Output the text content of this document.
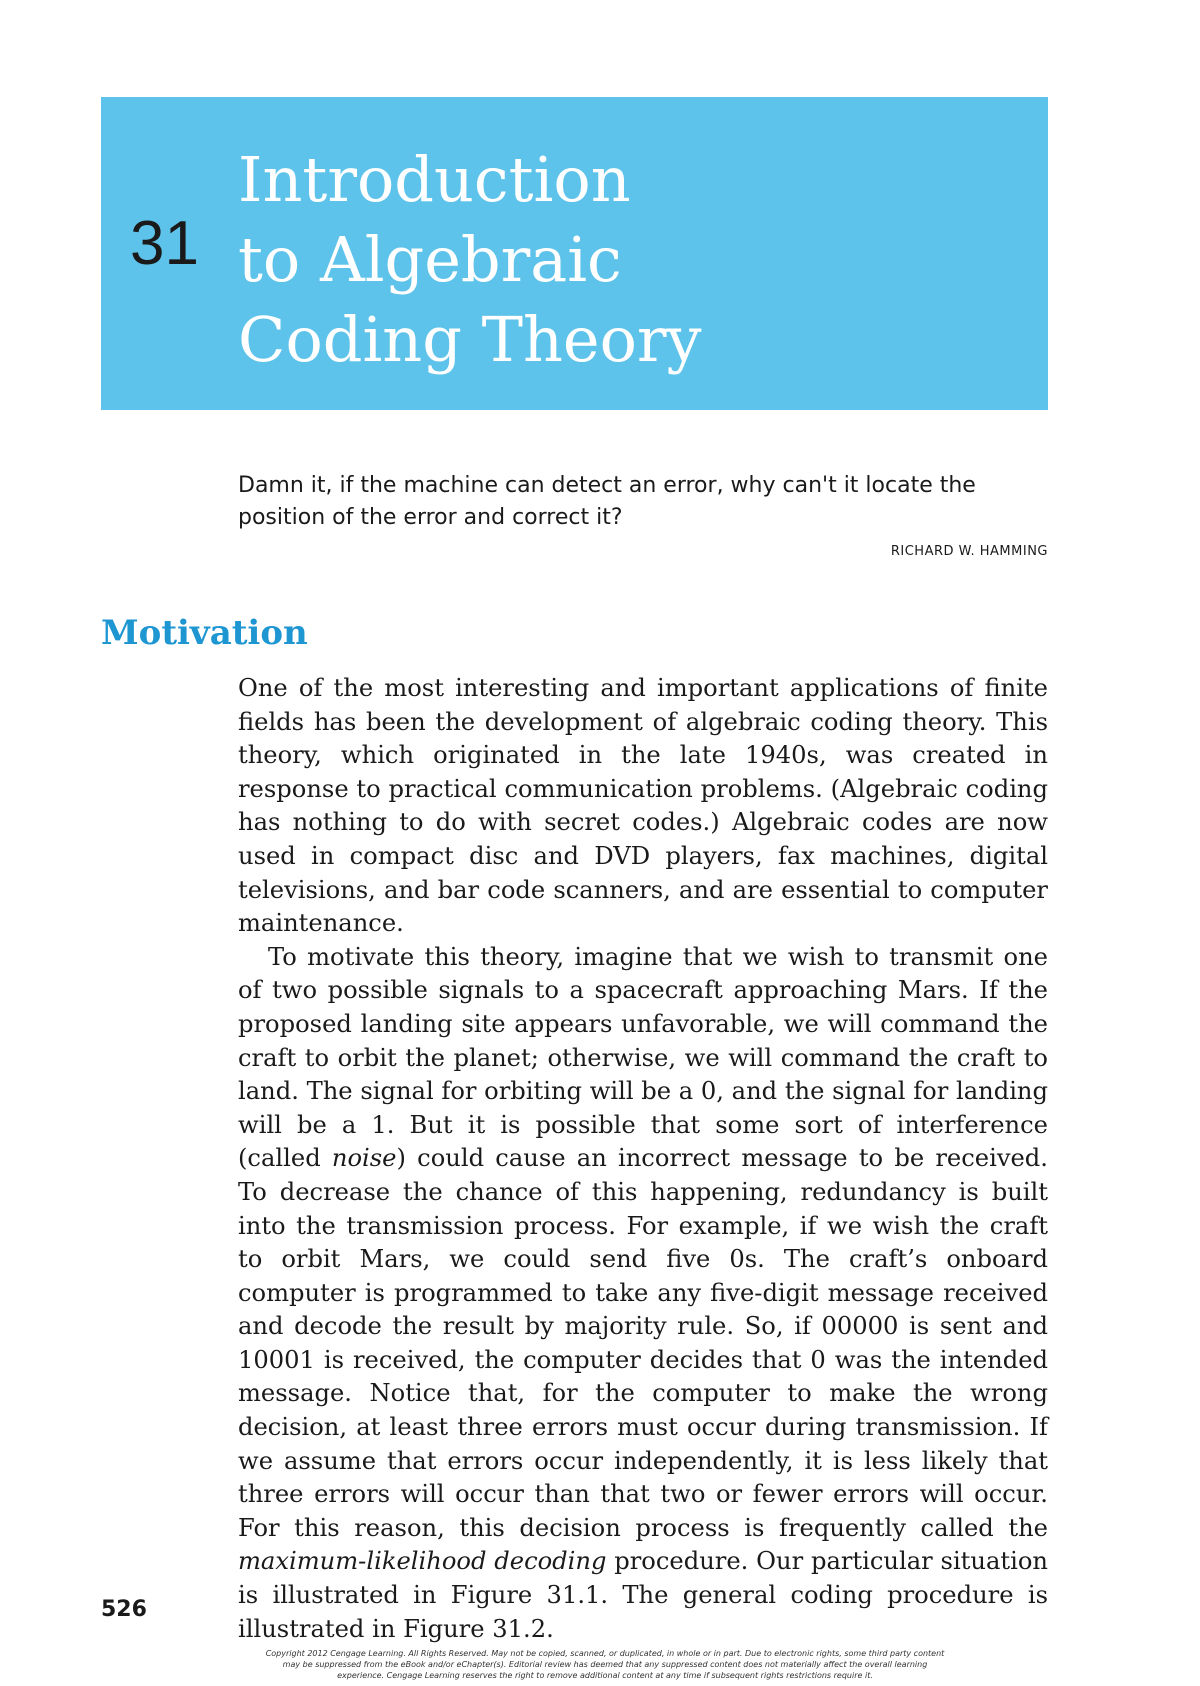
31
Introduction
to Algebraic
Coding Theory

Damn it, if the machine can detect an error, why can't it locate the position of the error and correct it?

RICHARD W. HAMMING
Motivation

One of the most interesting and important applications of finite fields has been the development of algebraic coding theory. This theory, which originated in the late 1940s, was created in response to practical communication problems. (Algebraic coding has nothing to do with secret codes.) Algebraic codes are now used in compact disc and DVD players, fax machines, digital televisions, and bar code scanners, and are essential to computer maintenance.

To motivate this theory, imagine that we wish to transmit one of two possible signals to a spacecraft approaching Mars. If the proposed landing site appears unfavorable, we will command the craft to orbit the planet; otherwise, we will command the craft to land. The signal for orbiting will be a 0, and the signal for landing will be a 1. But it is possible that some sort of interference (called noise) could cause an incorrect message to be received. To decrease the chance of this happening, redundancy is built into the transmission process. For example, if we wish the craft to orbit Mars, we could send five 0s. The craft’s onboard computer is programmed to take any five-digit message received and decode the result by majority rule. So, if 00000 is sent and 10001 is received, the computer decides that 0 was the intended message. Notice that, for the computer to make the wrong decision, at least three errors must occur during transmission. If we assume that errors occur independently, it is less likely that three errors will occur than that two or fewer errors will occur. For this reason, this decision process is frequently called the maximum-likelihood decoding procedure. Our particular situation is illustrated in Figure 31.1. The general coding procedure is illustrated in Figure 31.2.

526
Copyright 2012 Cengage Learning. All Rights Reserved. May not be copied, scanned, or duplicated, in whole or in part. Due to electronic rights, some third party content may be suppressed from the eBook and/or eChapter(s). Editorial review has deemed that any suppressed content does not materially affect the overall learning experience. Cengage Learning reserves the right to remove additional content at any time if subsequent rights restrictions require it.
